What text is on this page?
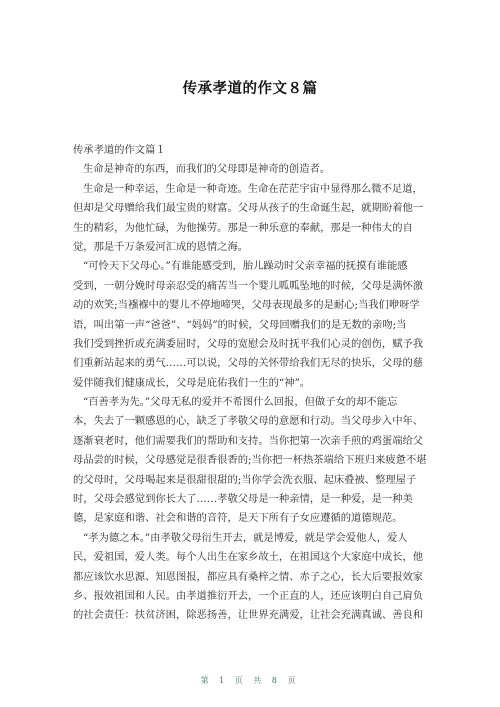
传承孝道的作文８篇
传承孝道的作文篇１
生命是神奇的东西，而我们的父母即是神奇的创造者。
生命是一种幸运，生命是一种奇迹。生命在茫茫宇宙中显得那么微不足道，
但却是父母赠给我们最宝贵的财富。父母从孩子的生命诞生起，就期盼着他一
生的精彩，为他忙碌，为他操劳。那是一种乐意的奉献，那是一种伟大的自
觉，那是千万条爱河汇成的恩情之海。
“可怜天下父母心。”有谁能感受到，胎儿躁动时父亲幸福的抚摸有谁能感
受到，一朝分娩时母亲忍受的痛苦当一个婴儿呱呱坠地的时候，父母是满怀激
动的欢笑;当襁褓中的婴儿不停地啼哭，父母表现最多的是耐心;当我们咿呀学
语，叫出第一声“爸爸”、“妈妈”的时候，父母回赠我们的是无数的亲吻;当
我们受到挫折或充满委屈时，父母的宽慰会及时抚平我们心灵的创伤，赋予我
们重新站起来的勇气……可以说，父母的关怀带给我们无尽的快乐，父母的慈
爱伴随我们健康成长，父母是庇佑我们一生的“神”。
“百善孝为先。”父母无私的爱并不希图什么回报，但做子女的却不能忘
本，失去了一颗感恩的心，缺乏了孝敬父母的意愿和行动。当父母步入中年、
逐渐衰老时，他们需要我们的帮助和支持。当你把第一次亲手煎的鸡蛋端给父
母品尝的时候，父母感觉是很香很香的;当你把一杯热茶端给下班归来疲惫不堪
的父母时，父母喝起来是很甜很甜的;当你学会洗衣服、起床叠被、整理屋子
时，父母会感觉到你长大了……孝敬父母是一种亲情，是一种爱，是一种美
德，是家庭和谐、社会和谐的音符，是天下所有子女应遵循的道德规范。
“孝为德之本。”由孝敬父母衍生开去，就是博爱，就是学会爱他人，爱人
民，爱祖国，爱人类。每个人出生在家乡故土，在祖国这个大家庭中成长，他
都应该饮水思源、知恩图报，都应具有桑梓之情、赤子之心，长大后要报效家
乡、报效祖国和人民。由孝道推衍开去，一个正直的人，还应该明白自己肩负
的社会责任：扶贫济困，除恶扬善，让世界充满爱，让社会充满真诚、善良和
第 1 页 共 8 页
